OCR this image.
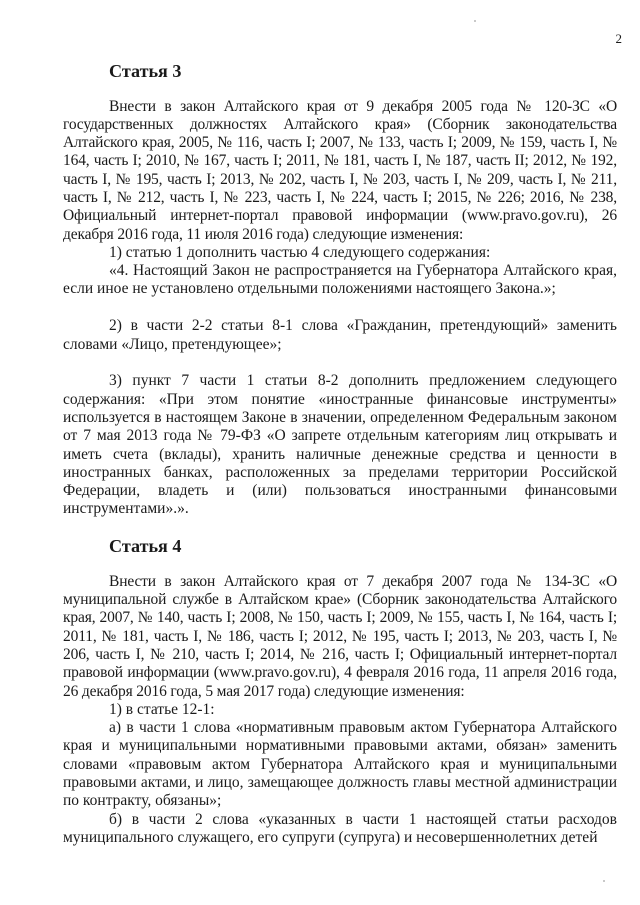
2
Статья 3

Внести в закон Алтайского края от 9 декабря 2005 года № 120-ЗС «О государственных должностях Алтайского края» (Сборник законодательства Алтайского края, 2005, № 116, часть I; 2007, № 133, часть I; 2009, № 159, часть I, № 164, часть I; 2010, № 167, часть I; 2011, № 181, часть I, № 187, часть II; 2012, № 192, часть I, № 195, часть I; 2013, № 202, часть I, № 203, часть I, № 209, часть I, № 211, часть I, № 212, часть I, № 223, часть I, № 224, часть I; 2015, № 226; 2016, № 238, Официальный интернет-портал правовой информации (www.pravo.gov.ru), 26 декабря 2016 года, 11 июля 2016 года) следующие изменения:

1) статью 1 дополнить частью 4 следующего содержания:

«4. Настоящий Закон не распространяется на Губернатора Алтайского края, если иное не установлено отдельными положениями настоящего Закона.»;

2) в части 2-2 статьи 8-1 слова «Гражданин, претендующий» заменить словами «Лицо, претендующее»;

3) пункт 7 части 1 статьи 8-2 дополнить предложением следующего содержания: «При этом понятие «иностранные финансовые инструменты» используется в настоящем Законе в значении, определенном Федеральным законом от 7 мая 2013 года № 79-ФЗ «О запрете отдельным категориям лиц открывать и иметь счета (вклады), хранить наличные денежные средства и ценности в иностранных банках, расположенных за пределами территории Российской Федерации, владеть и (или) пользоваться иностранными финансовыми инструментами».».

Статья 4

Внести в закон Алтайского края от 7 декабря 2007 года № 134-ЗС «О муниципальной службе в Алтайском крае» (Сборник законодательства Алтайского края, 2007, № 140, часть I; 2008, № 150, часть I; 2009, № 155, часть I, № 164, часть I; 2011, № 181, часть I, № 186, часть I; 2012, № 195, часть I; 2013, № 203, часть I, № 206, часть I, № 210, часть I; 2014, № 216, часть I; Официальный интернет-портал правовой информации (www.pravo.gov.ru), 4 февраля 2016 года, 11 апреля 2016 года, 26 декабря 2016 года, 5 мая 2017 года) следующие изменения:

1) в статье 12-1:

а) в части 1 слова «нормативным правовым актом Губернатора Алтайского края и муниципальными нормативными правовыми актами, обязан» заменить словами «правовым актом Губернатора Алтайского края и муниципальными правовыми актами, и лицо, замещающее должность главы местной администрации по контракту, обязаны»;

б) в части 2 слова «указанных в части 1 настоящей статьи расходов муниципального служащего, его супруги (супруга) и несовершеннолетних детей
